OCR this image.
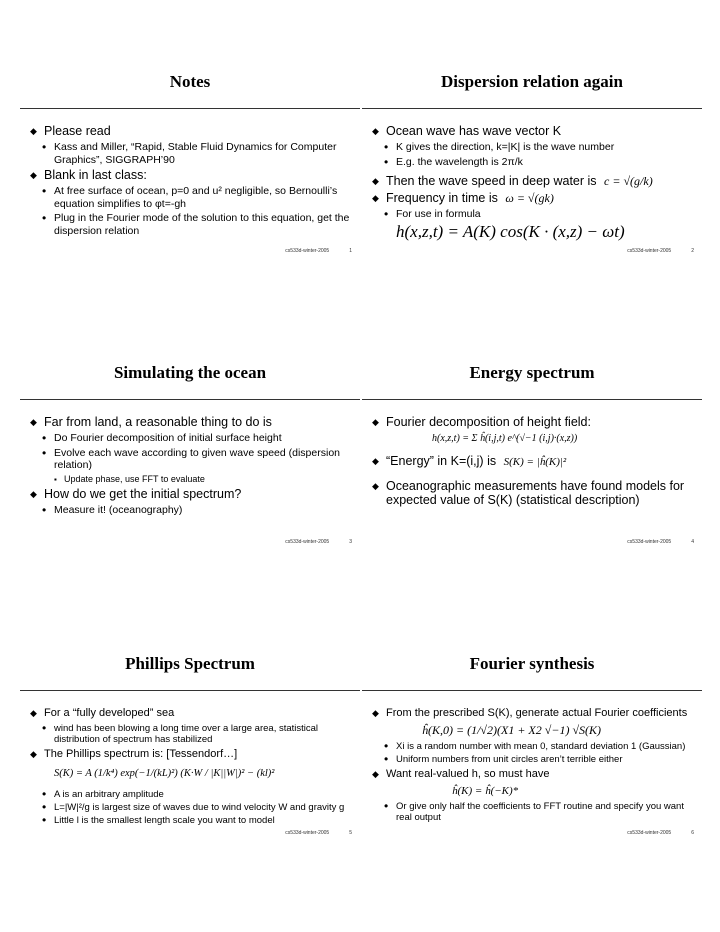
Notes
◆ Please read
• Kass and Miller, “Rapid, Stable Fluid Dynamics for Computer Graphics”, SIGGRAPH’90
◆ Blank in last class:
• At free surface of ocean, p=0 and u² negligible, so Bernoulli’s equation simplifies to φt=-gh
• Plug in the Fourier mode of the solution to this equation, get the dispersion relation
cs533d-winter-2005	1
Dispersion relation again
◆ Ocean wave has wave vector K
• K gives the direction, k=|K| is the wave number
• E.g. the wavelength is 2π/k
◆ Then the wave speed in deep water is c = √(g/k)
◆ Frequency in time is ω = √(gk)
• For use in formula
h(x,z,t) = A(K) cos(K · (x,z) − ωt)
cs533d-winter-2005	2
Simulating the ocean
◆ Far from land, a reasonable thing to do is
• Do Fourier decomposition of initial surface height
• Evolve each wave according to given wave speed (dispersion relation)
▪ Update phase, use FFT to evaluate
◆ How do we get the initial spectrum?
• Measure it! (oceanography)
cs533d-winter-2005	3
Energy spectrum
◆ Fourier decomposition of height field:
h(x,z,t) = Σ ĥ(i,j,t) e^(√−1 (i,j)·(x,z))
◆ “Energy” in K=(i,j) is S(K) = |ĥ(K)|²
◆ Oceanographic measurements have found models for expected value of S(K) (statistical description)
cs533d-winter-2005	4
Phillips Spectrum
◆ For a “fully developed” sea
• wind has been blowing a long time over a large area, statistical distribution of spectrum has stabilized
◆ The Phillips spectrum is: [Tessendorf…]
S(K) = A (1/k⁴) exp(−1/(kL)²) (K·W / |K||W|)² − (kl)²
• A is an arbitrary amplitude
• L=|W|²/g is largest size of waves due to wind velocity W and gravity g
• Little l is the smallest length scale you want to model
cs533d-winter-2005	5
Fourier synthesis
◆ From the prescribed S(K), generate actual Fourier coefficients
ĥ(K,0) = (1/√2)(X1 + X2 √−1) √S(K)
• Xi is a random number with mean 0, standard deviation 1 (Gaussian)
• Uniform numbers from unit circles aren’t terrible either
◆ Want real-valued h, so must have
ĥ(K) = ĥ(−K)*
• Or give only half the coefficients to FFT routine and specify you want real output
cs533d-winter-2005	6
